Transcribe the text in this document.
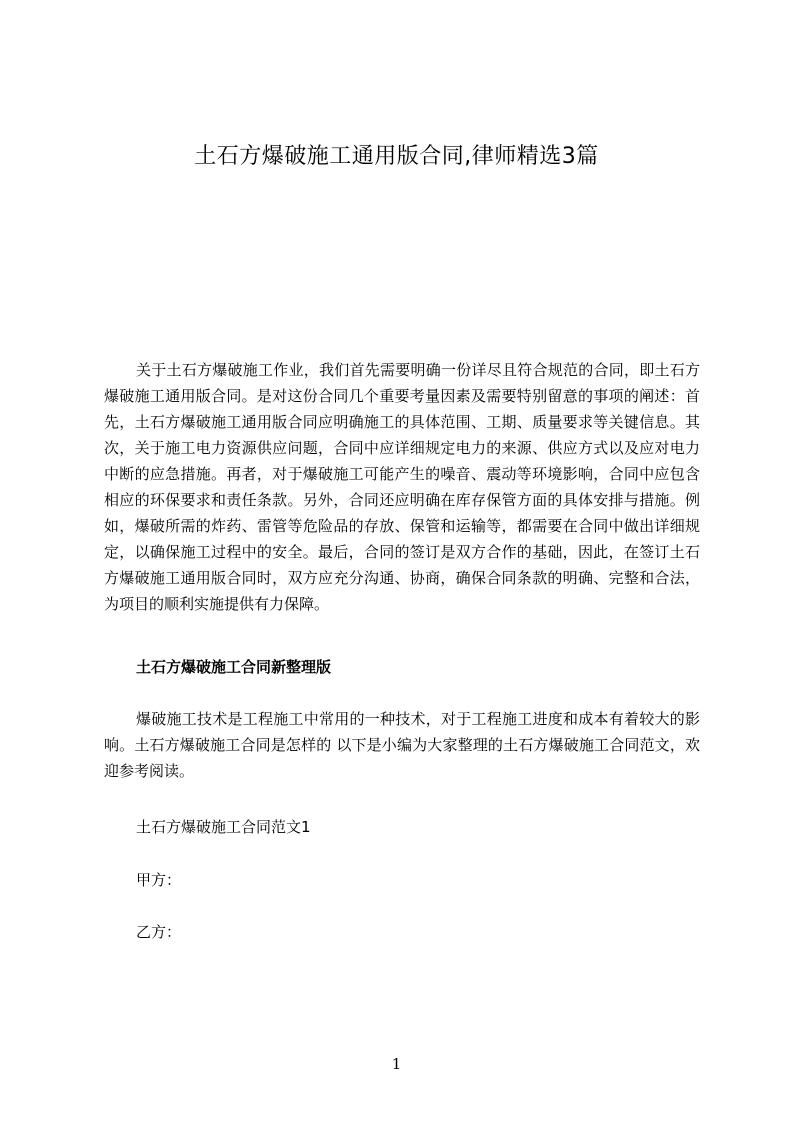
土石方爆破施工通用版合同,律师精选3篇

关于土石方爆破施工作业，我们首先需要明确一份详尽且符合规范的合同，即土石方爆破施工通用版合同。是对这份合同几个重要考量因素及需要特别留意的事项的阐述：首先，土石方爆破施工通用版合同应明确施工的具体范围、工期、质量要求等关键信息。其次，关于施工电力资源供应问题，合同中应详细规定电力的来源、供应方式以及应对电力中断的应急措施。再者，对于爆破施工可能产生的噪音、震动等环境影响，合同中应包含相应的环保要求和责任条款。另外，合同还应明确在库存保管方面的具体安排与措施。例如，爆破所需的炸药、雷管等危险品的存放、保管和运输等，都需要在合同中做出详细规定，以确保施工过程中的安全。最后，合同的签订是双方合作的基础，因此，在签订土石方爆破施工通用版合同时，双方应充分沟通、协商，确保合同条款的明确、完整和合法，为项目的顺利实施提供有力保障。

土石方爆破施工合同新整理版

爆破施工技术是工程施工中常用的一种技术，对于工程施工进度和成本有着较大的影响。土石方爆破施工合同是怎样的 以下是小编为大家整理的土石方爆破施工合同范文，欢迎参考阅读。

土石方爆破施工合同范文1

甲方：

乙方：

1
